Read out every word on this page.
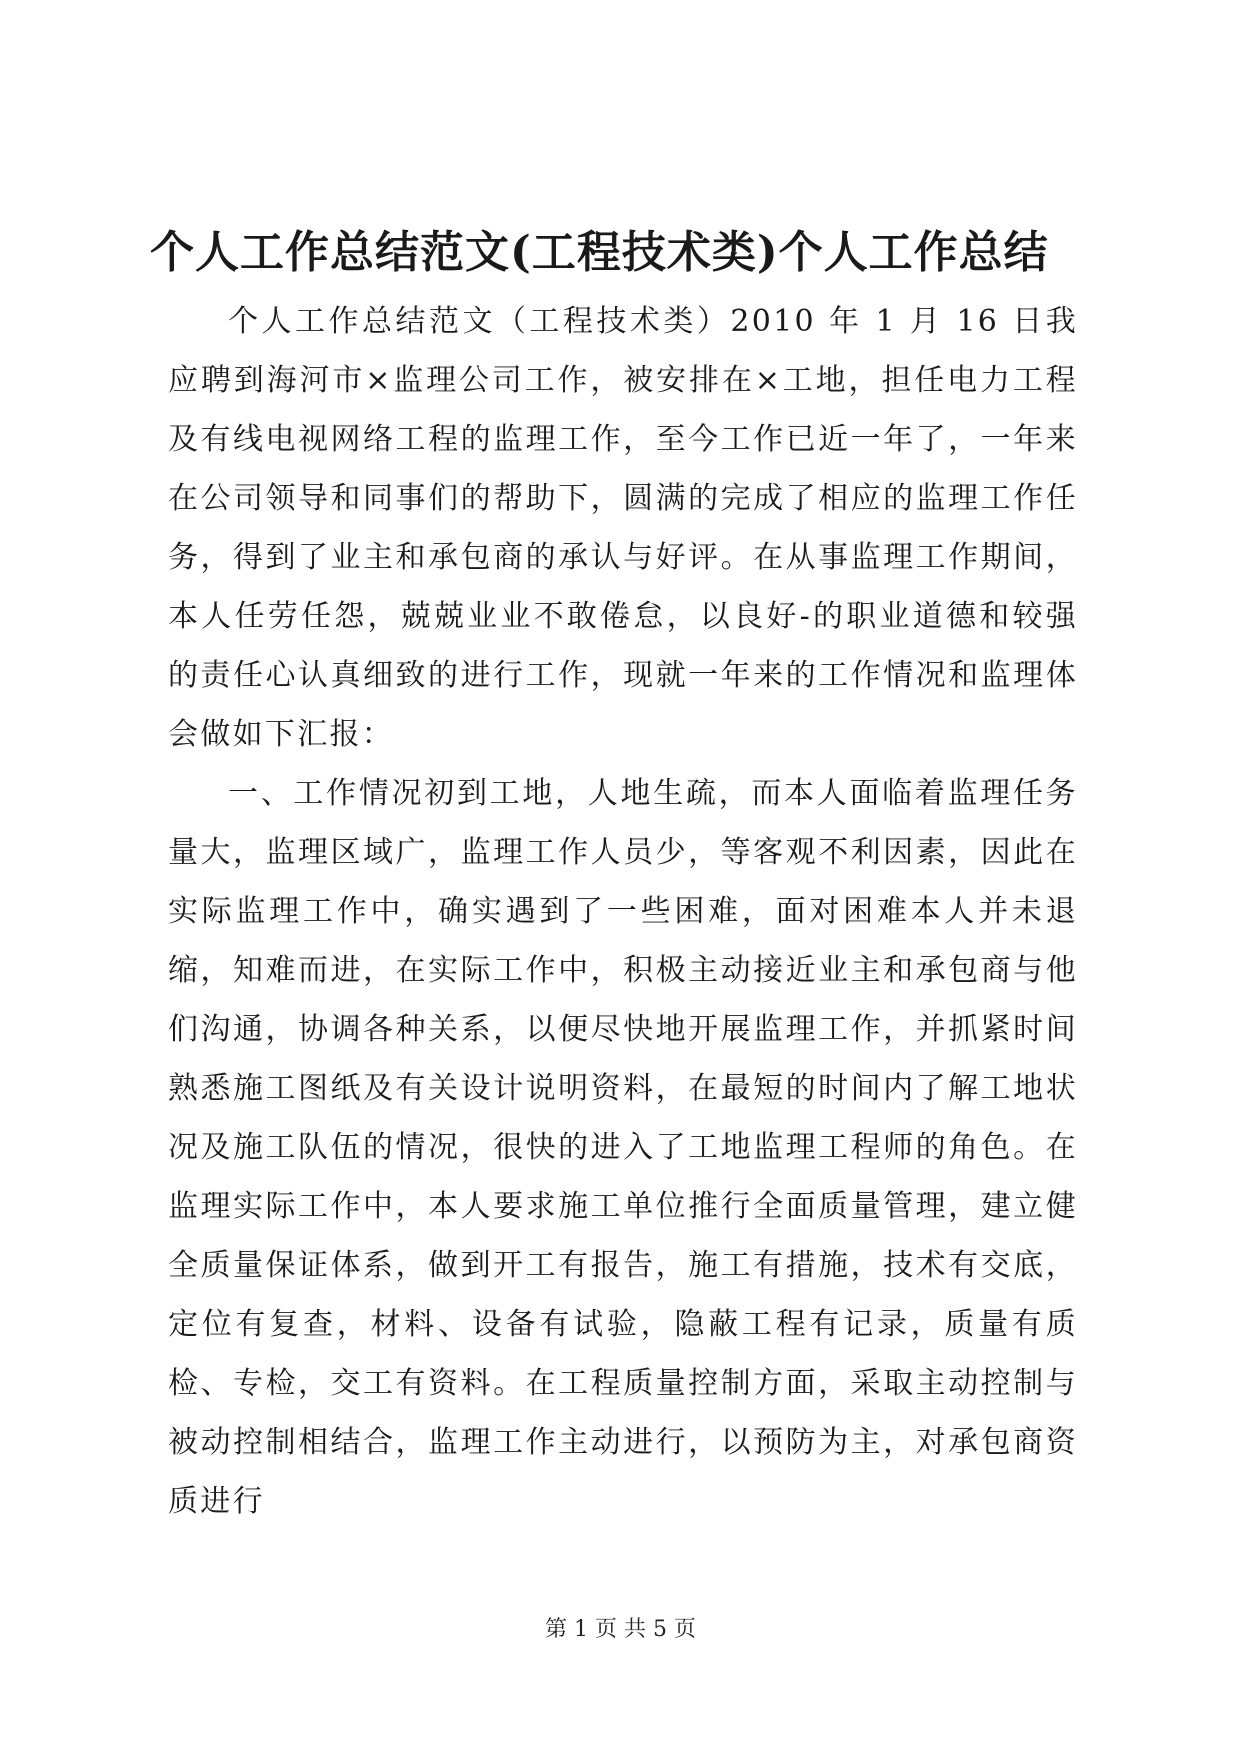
个人工作总结范文(工程技术类)个人工作总结

个人工作总结范文（工程技术类）2010 年 1 月 16 日我应聘到海河市×监理公司工作，被安排在×工地，担任电力工程及有线电视网络工程的监理工作，至今工作已近一年了，一年来在公司领导和同事们的帮助下，圆满的完成了相应的监理工作任务，得到了业主和承包商的承认与好评。在从事监理工作期间，本人任劳任怨，兢兢业业不敢倦怠，以良好-的职业道德和较强的责任心认真细致的进行工作，现就一年来的工作情况和监理体会做如下汇报：

一、工作情况初到工地，人地生疏，而本人面临着监理任务量大，监理区域广，监理工作人员少，等客观不利因素，因此在实际监理工作中，确实遇到了一些困难，面对困难本人并未退缩，知难而进，在实际工作中，积极主动接近业主和承包商与他们沟通，协调各种关系，以便尽快地开展监理工作，并抓紧时间熟悉施工图纸及有关设计说明资料，在最短的时间内了解工地状况及施工队伍的情况，很快的进入了工地监理工程师的角色。在监理实际工作中，本人要求施工单位推行全面质量管理，建立健全质量保证体系，做到开工有报告，施工有措施，技术有交底，定位有复查，材料、设备有试验，隐蔽工程有记录，质量有质检、专检，交工有资料。在工程质量控制方面，采取主动控制与被动控制相结合，监理工作主动进行，以预防为主，对承包商资质进行

第 1 页 共 5 页
